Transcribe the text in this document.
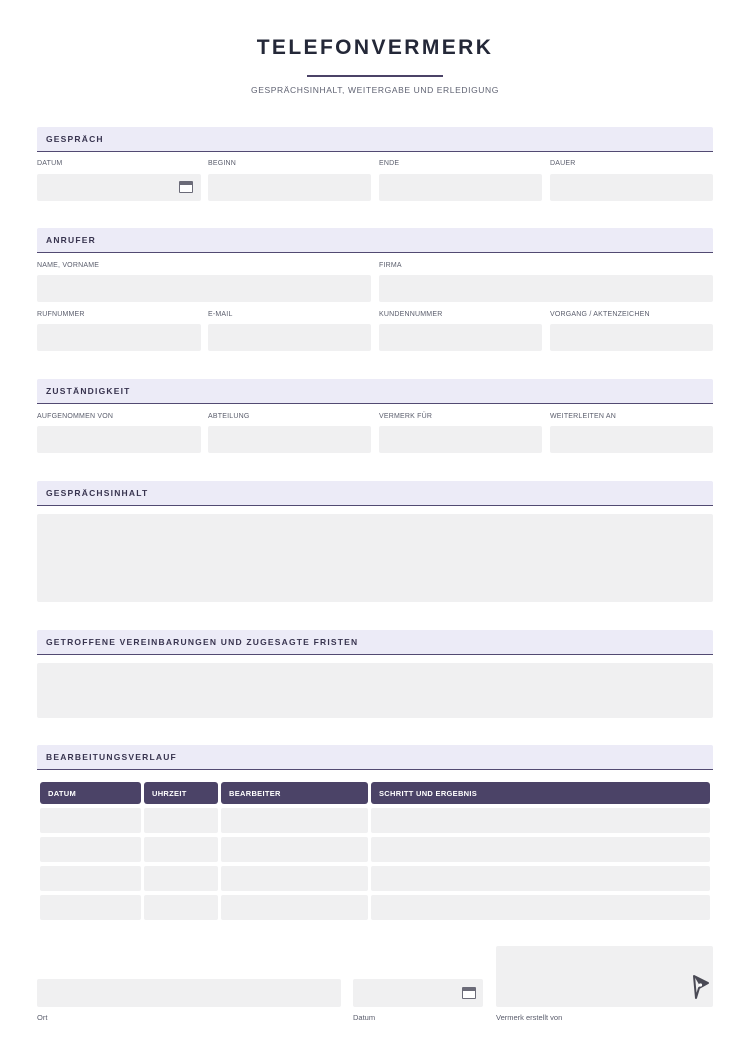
TELEFONVERMERK
GESPRÄCHSINHALT, WEITERGABE UND ERLEDIGUNG
GESPRÄCH
DATUM	BEGINN	ENDE	DAUER
ANRUFER
NAME, VORNAME	FIRMA
RUFNUMMER	E-MAIL	KUNDENNUMMER	VORGANG / AKTENZEICHEN
ZUSTÄNDIGKEIT
AUFGENOMMEN VON	ABTEILUNG	VERMERK FÜR	WEITERLEITEN AN
GESPRÄCHSINHALT
GETROFFENE VEREINBARUNGEN UND ZUGESAGTE FRISTEN
BEARBEITUNGSVERLAUF
DATUM	UHRZEIT	BEARBEITER	SCHRITT UND ERGEBNIS
Ort	Datum	Vermerk erstellt von
